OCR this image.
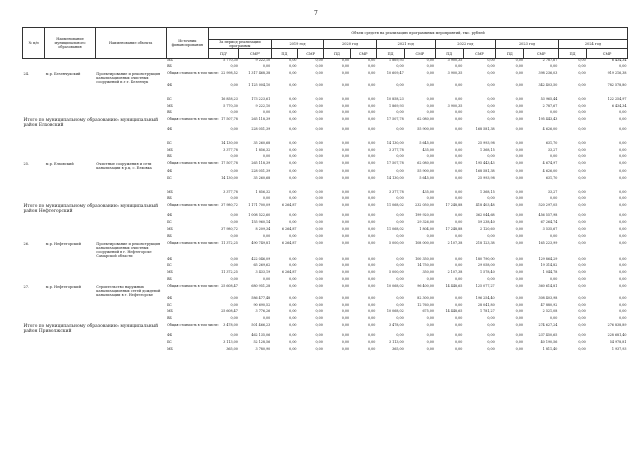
7
№ п/п	Наименование муниципального образования	Наименование объекта	Источник финансирования	Объем средств на реализацию программных мероприятий, тыс. рублей													
				За период реализации программы		2019 год		2020 год		2021 год		2022 год		2023 год		2024 год	
				ПД¹	СМР²	ПД	СМР	ПД	СМР	ПД	СМР	ПД	СМР	ПД	СМР	ПД	СМР
			МБ	5 770,30	9 222,10	0,00	0,00	0,00	0,00	1 869,93	0,00	3 900,35	0,00	0,00	2 787,67	0,00	6 434,34
			ВБ	0,00	0,00	0,00	0,00	0,00	0,00	0,00	0,00	0,00	0,00	0,00	0,00	0,00	0,00
24.	м.р. Безенчукский	Проектирование и реконструкция канализационных очистных сооружений п.г.т. Безенчук	Общая стоимость в том числе:	22 998,52	1 317 468,38	0,00	0,00	0,00	0,00	10 609,47	0,00	3 900,35	0,00	0,00	398 236,03	0,00	919 216,38
			ФБ	0,00	1 125 004,10	0,00	0,00	0,00	0,00	0,00	0,00	0,00	0,00	0,00	342 403,50	0,00	782 578,80

			БС	16 858,23	173 223,61	0,00	0,00	0,00	0,00	10 858,23	0,00	0,00	0,00	0,00	53 965,44	0,00	122 254,97
			МБ	5 770,30	9 222,10	0,00	0,00	0,00	0,00	1 869,93	0,00	3 900,35	0,00	0,00	2 787,67	0,00	6 434,34
			ВБ	0,00	0,00	0,00	0,00	0,00	0,00	0,00	0,00	0,00	0,00	0,00	0,00	0,00	0,00
Итого по муниципальному образованию: муниципальный район Елховский			Общая стоимость в том числе:	17 507,78	265 118,39	0,00	0,00	0,00	0,00	17 507,78	62 080,00	0,00	0,00	0,00	195 443,43	0,00	0,00
			ФБ	0,00	228 051,39	0,00	0,00	0,00	0,00	0,00	55 900,00	0,00	168 581,38	0,00	4 626,00	0,00	0,00

			БС	14 130,00	35 260,68	0,00	0,00	0,00	0,00	14 130,00	5 645,00	0,00	25 993,98	0,00	631,70	0,00	0,00
			МБ	3 377,78	1 856,32	0,00	0,00	0,00	0,00	3 377,78	435,00	0,00	1 368,15	0,00	33,27	0,00	0,00
			ВБ	0,00	0,00	0,00	0,00	0,00	0,00	0,00	0,00	0,00	0,00	0,00	0,00	0,00	0,00
25.	м.р. Елховский	Очистные сооружения и сети канализации в р.ц. с. Елховка	Общая стоимость в том числе:	17 507,78	265 118,39	0,00	0,00	0,00	0,00	17 507,78	62 080,00	0,00	195 443,43	0,00	4 674,97	0,00	0,00
			ФБ	0,00	228 051,39	0,00	0,00	0,00	0,00	0,00	55 900,00	0,00	168 581,38	0,00	4 626,00	0,00	0,00
			БС	14 130,00	35 260,68	0,00	0,00	0,00	0,00	14 130,00	5 645,00	0,00	25 993,98	0,00	631,70	0,00	0,00

			МБ	3 377,78	1 856,32	0,00	0,00	0,00	0,00	3 377,78	435,00	0,00	1 368,15	0,00	33,27	0,00	0,00
			ВБ	0,00	0,00	0,00	0,00	0,00	0,00	0,00	0,00	0,00	0,00	0,00	0,00	0,00	0,00
Итого по муниципальному образованию: муниципальный район Нефтегорский			Общая стоимость в том числе:	37 980,72	1 171 700,09	6 264,87	0,00	0,00	0,00	11 068,02	232 050,00	17 248,88	418 403,48	0,00	520 297,05	0,00	0,00
			ФБ	0,00	1 008 522,60	0,00	0,00	0,00	0,00	0,00	199 920,00	0,00	362 044,68	0,00	456 557,98	0,00	0,00
			БС	0,00	155 960,14	0,00	0,00	0,00	0,00	0,00	29 326,00	0,00	59 238,40	0,00	67 264,74	0,00	0,00
			МБ	37 980,72	8 209,34	6 264,87	0,00	0,00	0,00	11 068,02	1 804,00	17 248,88	2 120,60	0,00	3 535,67	0,00	0,00
			ВБ	0,00	0,00	0,00	0,00	0,00	0,00	0,00	0,00	0,00	0,00	0,00	0,00	0,00	0,00
26.	м.р. Нефтегорский	Проектирование и реконструкция канализационных очистных сооружений в г. Нефтегорске Самарской области	Общая стоимость в том числе:	11 372,25	490 749,81	6 264,87	0,00	0,00	0,00	5 000,00	108 000,00	2 107,38	218 123,38	0,00	165 223,99	0,00	0,00
			ФБ	0,00	422 046,09	0,00	0,00	0,00	0,00	0,00	100 350,00	0,00	180 790,00	0,00	129 864,29	0,00	0,00
			БС	0,00	65 269,62	0,00	0,00	0,00	0,00	0,00	14 750,00	0,00	29 058,00	0,00	19 314,82	0,00	0,00
			МБ	11 372,25	3 433,19	6 264,87	0,00	0,00	0,00	5 000,00	350,00	2 107,38	1 578,40	0,00	1 044,78	0,00	0,00
			ВБ	0,00	0,00	0,00	0,00	0,00	0,00	0,00	0,00	0,00	0,00	0,00	0,00	0,00	0,00
27.	м.р. Нефтегорский	Строительство наружных канализационных сетей дождевой канализации в г. Нефтегорске	Общая стоимость в том числе:	25 608,47	680 951,28	0,00	0,00	0,00	0,00	10 068,02	96 400,00	14 448,65	125 077,27	0,00	360 614,81	0,00	0,00
			ФБ	0,00	586 477,48	0,00	0,00	0,00	0,00	0,00	82 300,00	0,00	196 254,40	0,00	308 403,98	0,00	0,00
			БС	0,00	90 690,52	0,00	0,00	0,00	0,00	0,00	12 760,00	0,00	28 041,80	0,00	47 880,92	0,00	0,00
			МБ	25 608,47	3 776,26	0,00	0,00	0,00	0,00	10 068,02	675,00	14 448,65	1 781,27	0,00	2 521,08	0,00	0,00
			ВБ	0,00	0,00	0,00	0,00	0,00	0,00	0,00	0,00	0,00	0,00	0,00	0,00	0,00	0,00
Итого по муниципальному образованию: муниципальный район Приволжский			Общая стоимость в том числе:	3 478,00	501 466,23	0,00	0,00	0,00	0,00	3 478,00	0,00	0,00	0,00	0,00	274 627,24	0,00	276 838,89
			ФБ	0,00	462 135,06	0,00	0,00	0,00	0,00	0,00	0,00	0,00	0,00	0,00	237 450,65	0,00	228 681,40
			БС	3 113,00	52 128,56	0,00	0,00	0,00	0,00	3 113,00	0,00	0,00	0,00	0,00	40 190,56	0,00	54 978,81
			МБ	365,00	3 780,90	0,00	0,00	0,00	0,00	365,00	0,00	0,00	0,00	0,00	1 811,40	0,00	1 937,93
